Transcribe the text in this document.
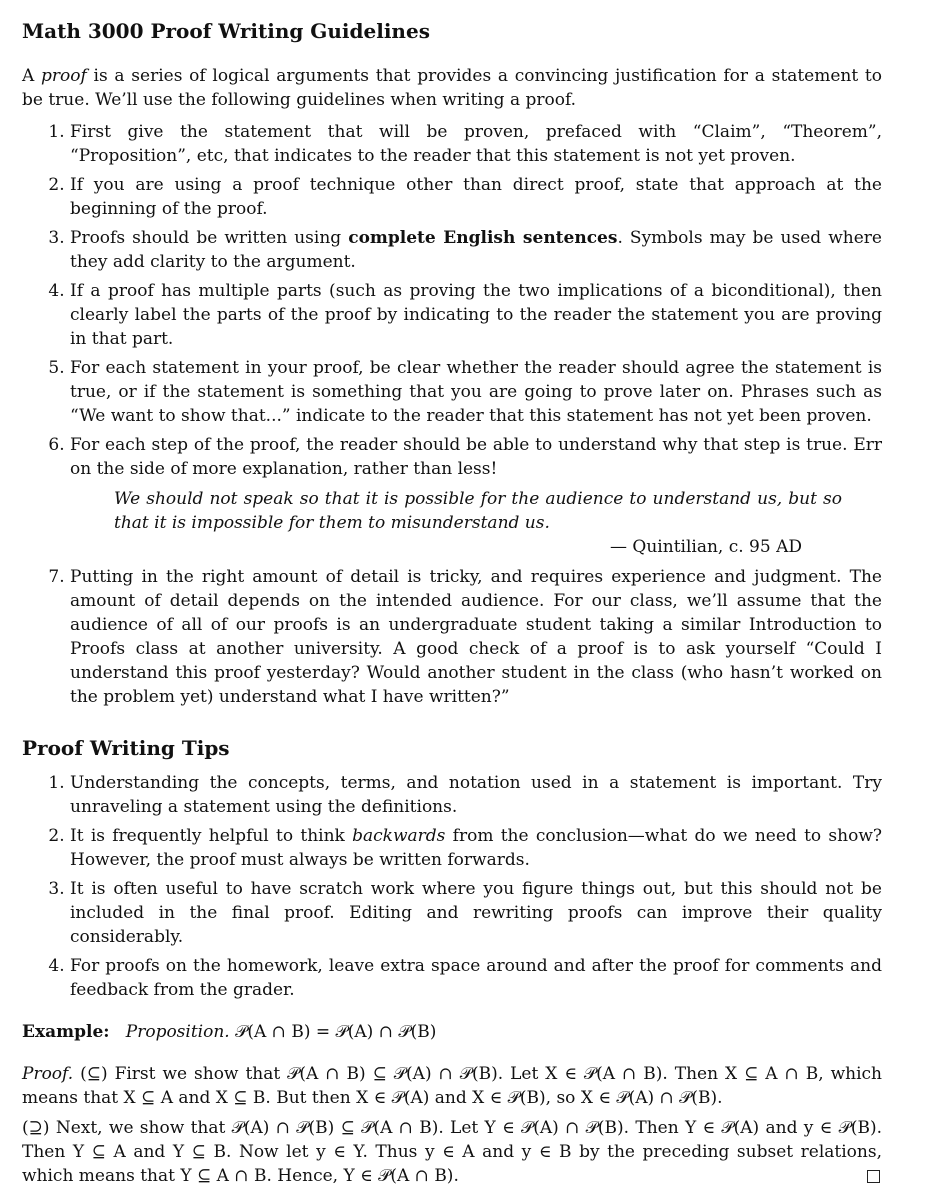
Math 3000 Proof Writing Guidelines

A proof is a series of logical arguments that provides a convincing justification for a statement to be true. We’ll use the following guidelines when writing a proof.

1. First give the statement that will be proven, prefaced with “Claim”, “Theorem”, “Proposition”, etc, that indicates to the reader that this statement is not yet proven.
2. If you are using a proof technique other than direct proof, state that approach at the beginning of the proof.
3. Proofs should be written using complete English sentences. Symbols may be used where they add clarity to the argument.
4. If a proof has multiple parts (such as proving the two implications of a biconditional), then clearly label the parts of the proof by indicating to the reader the statement you are proving in that part.
5. For each statement in your proof, be clear whether the reader should agree the statement is true, or if the statement is something that you are going to prove later on. Phrases such as “We want to show that...” indicate to the reader that this statement has not yet been proven.
6. For each step of the proof, the reader should be able to understand why that step is true. Err on the side of more explanation, rather than less!
We should not speak so that it is possible for the audience to understand us, but so that it is impossible for them to misunderstand us.
— Quintilian, c. 95 AD
7. Putting in the right amount of detail is tricky, and requires experience and judgment. The amount of detail depends on the intended audience. For our class, we’ll assume that the audience of all of our proofs is an undergraduate student taking a similar Introduction to Proofs class at another university. A good check of a proof is to ask yourself “Could I understand this proof yesterday? Would another student in the class (who hasn’t worked on the problem yet) understand what I have written?”
Proof Writing Tips
1. Understanding the concepts, terms, and notation used in a statement is important. Try unraveling a statement using the definitions.
2. It is frequently helpful to think backwards from the conclusion—what do we need to show? However, the proof must always be written forwards.
3. It is often useful to have scratch work where you figure things out, but this should not be included in the final proof. Editing and rewriting proofs can improve their quality considerably.
4. For proofs on the homework, leave extra space around and after the proof for comments and feedback from the grader.

Example: Proposition. 𝒫(A ∩ B) = 𝒫(A) ∩ 𝒫(B)

Proof. (⊆) First we show that 𝒫(A ∩ B) ⊆ 𝒫(A) ∩ 𝒫(B). Let X ∈ 𝒫(A ∩ B). Then X ⊆ A ∩ B, which means that X ⊆ A and X ⊆ B. But then X ∈ 𝒫(A) and X ∈ 𝒫(B), so X ∈ 𝒫(A) ∩ 𝒫(B).

(⊇) Next, we show that 𝒫(A) ∩ 𝒫(B) ⊆ 𝒫(A ∩ B). Let Y ∈ 𝒫(A) ∩ 𝒫(B). Then Y ∈ 𝒫(A) and y ∈ 𝒫(B). Then Y ⊆ A and Y ⊆ B. Now let y ∈ Y. Thus y ∈ A and y ∈ B by the preceding subset relations, which means that Y ⊆ A ∩ B. Hence, Y ∈ 𝒫(A ∩ B).
